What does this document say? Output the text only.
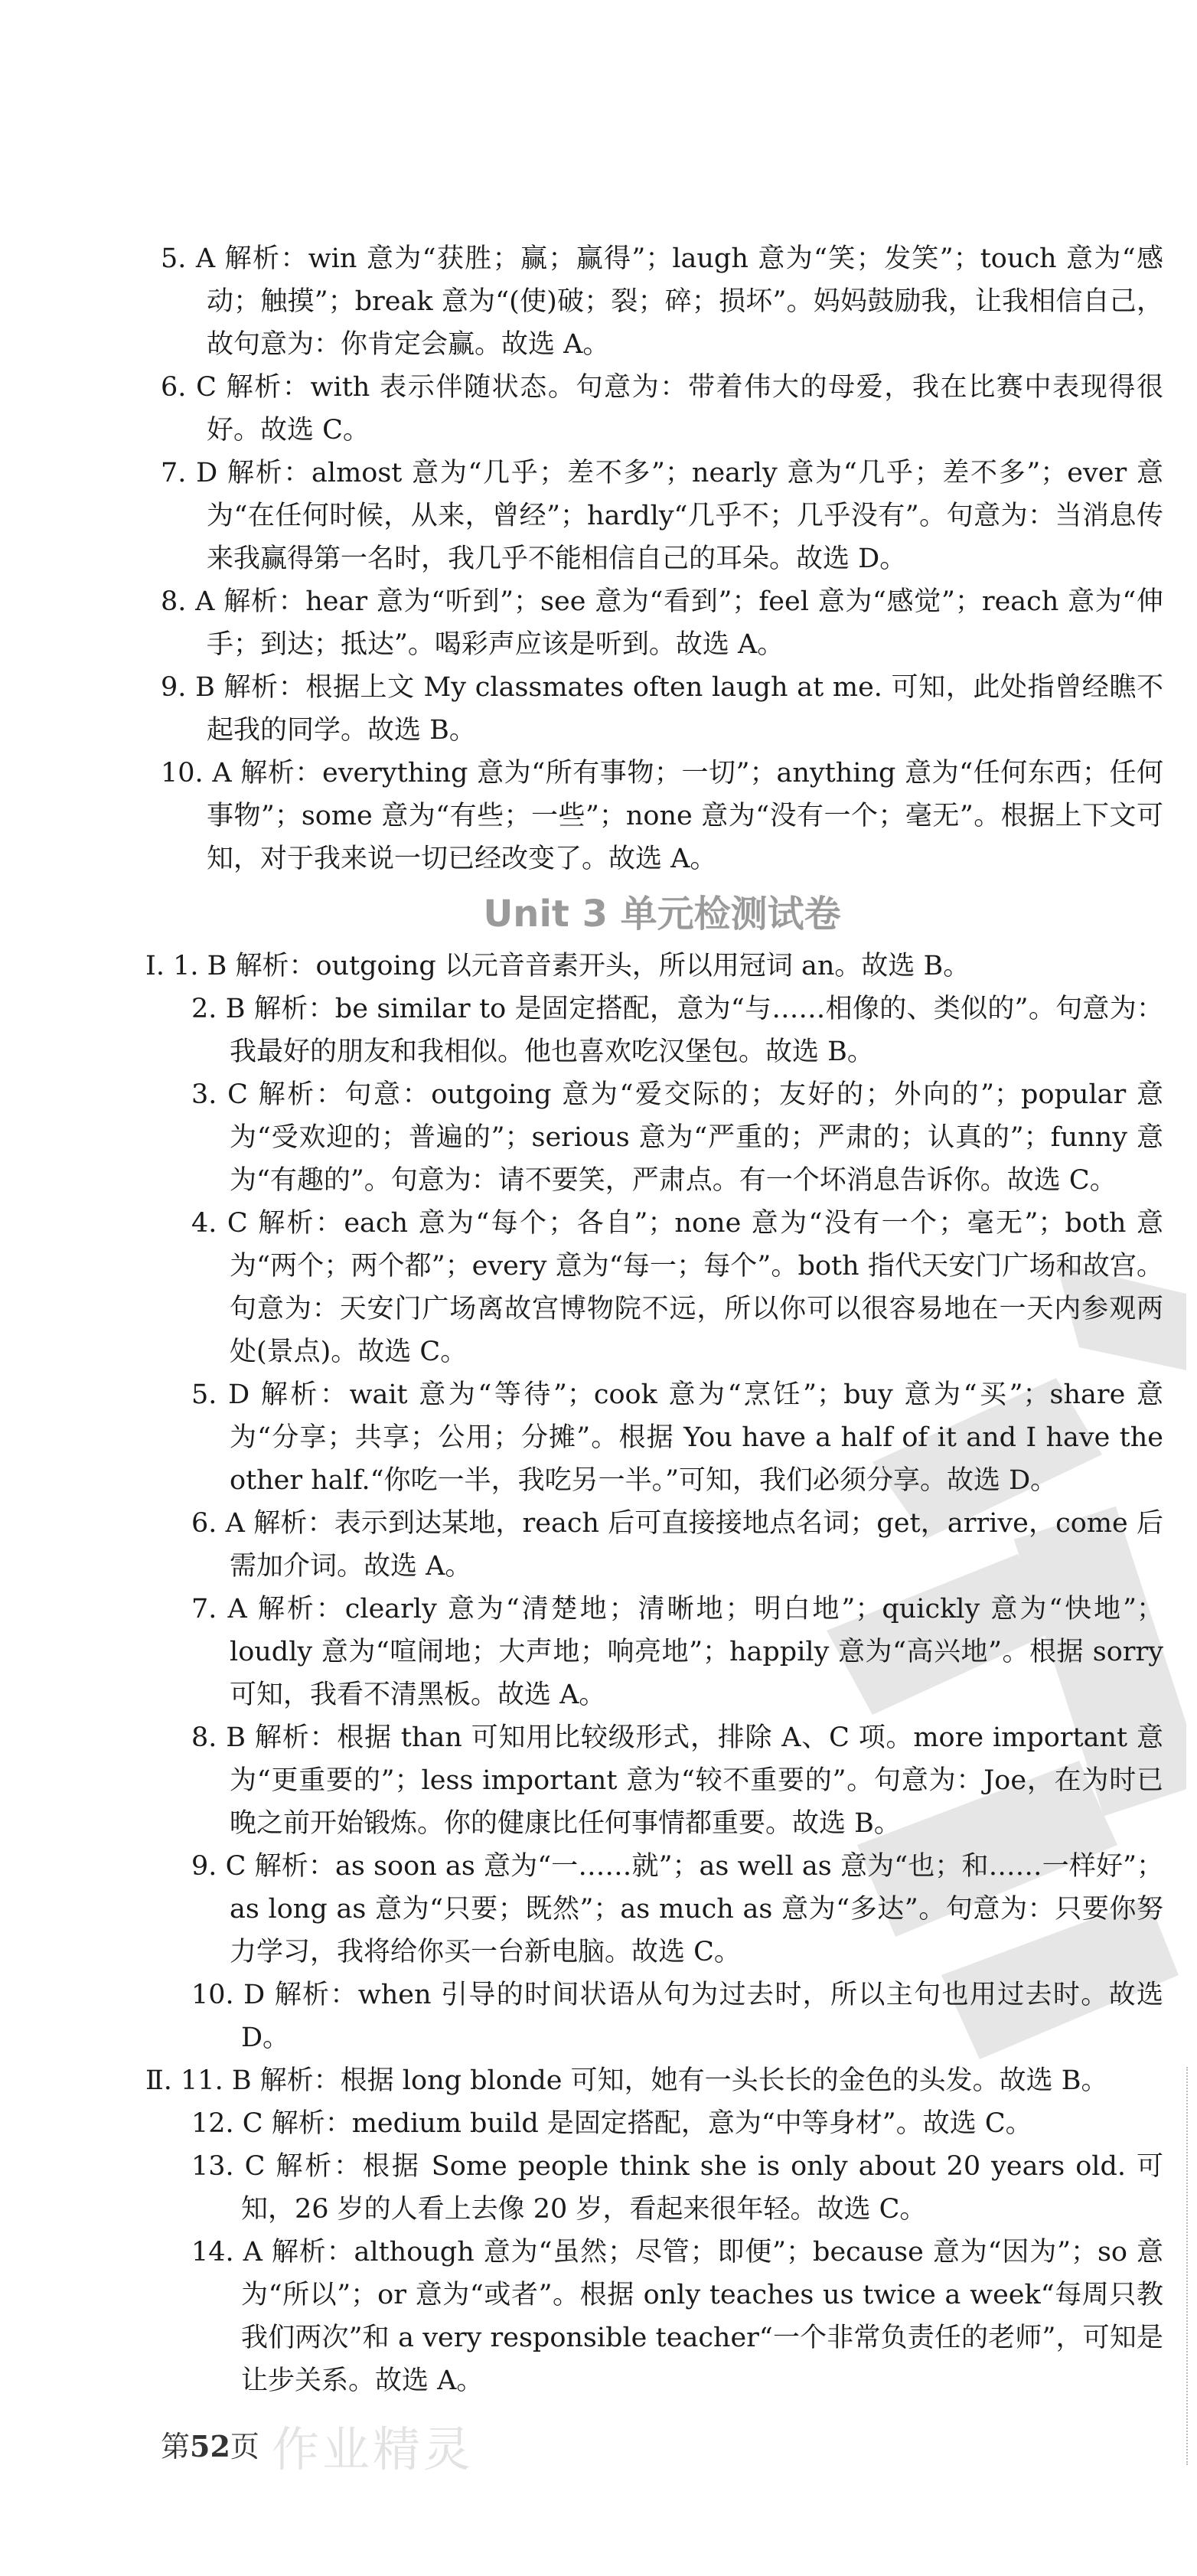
5. A 解析：win 意为“获胜；赢；赢得”；laugh 意为“笑；发笑”；touch 意为“感动；触摸”；break 意为“(使)破；裂；碎；损坏”。妈妈鼓励我，让我相信自己，故句意为：你肯定会赢。故选 A。

6. C 解析：with 表示伴随状态。句意为：带着伟大的母爱，我在比赛中表现得很好。故选 C。

7. D 解析：almost 意为“几乎；差不多”；nearly 意为“几乎；差不多”；ever 意为“在任何时候，从来，曾经”；hardly“几乎不；几乎没有”。句意为：当消息传来我赢得第一名时，我几乎不能相信自己的耳朵。故选 D。

8. A 解析：hear 意为“听到”；see 意为“看到”；feel 意为“感觉”；reach 意为“伸手；到达；抵达”。喝彩声应该是听到。故选 A。

9. B 解析：根据上文 My classmates often laugh at me. 可知，此处指曾经瞧不起我的同学。故选 B。

10. A 解析：everything 意为“所有事物；一切”；anything 意为“任何东西；任何事物”；some 意为“有些；一些”；none 意为“没有一个；毫无”。根据上下文可知，对于我来说一切已经改变了。故选 A。

Unit 3 单元检测试卷

Ⅰ. 1. B 解析：outgoing 以元音音素开头，所以用冠词 an。故选 B。

2. B 解析：be similar to 是固定搭配，意为“与……相像的、类似的”。句意为：我最好的朋友和我相似。他也喜欢吃汉堡包。故选 B。

3. C 解析：句意：outgoing 意为“爱交际的；友好的；外向的”；popular 意为“受欢迎的；普遍的”；serious 意为“严重的；严肃的；认真的”；funny 意为“有趣的”。句意为：请不要笑，严肃点。有一个坏消息告诉你。故选 C。

4. C 解析：each 意为“每个；各自”；none 意为“没有一个；毫无”；both 意为“两个；两个都”；every 意为“每一；每个”。both 指代天安门广场和故宫。句意为：天安门广场离故宫博物院不远，所以你可以很容易地在一天内参观两处(景点)。故选 C。

5. D 解析：wait 意为“等待”；cook 意为“烹饪”；buy 意为“买”；share 意为“分享；共享；公用；分摊”。根据 You have a half of it and I have the other half.“你吃一半，我吃另一半。”可知，我们必须分享。故选 D。

6. A 解析：表示到达某地，reach 后可直接接地点名词；get，arrive，come 后需加介词。故选 A。

7. A 解析：clearly 意为“清楚地；清晰地；明白地”；quickly 意为“快地”；loudly 意为“喧闹地；大声地；响亮地”；happily 意为“高兴地”。根据 sorry 可知，我看不清黑板。故选 A。

8. B 解析：根据 than 可知用比较级形式，排除 A、C 项。more important 意为“更重要的”；less important 意为“较不重要的”。句意为：Joe，在为时已晚之前开始锻炼。你的健康比任何事情都重要。故选 B。

9. C 解析：as soon as 意为“一……就”；as well as 意为“也；和……一样好”；as long as 意为“只要；既然”；as much as 意为“多达”。句意为：只要你努力学习，我将给你买一台新电脑。故选 C。

10. D 解析：when 引导的时间状语从句为过去时，所以主句也用过去时。故选 D。

Ⅱ. 11. B 解析：根据 long blonde 可知，她有一头长长的金色的头发。故选 B。

12. C 解析：medium build 是固定搭配，意为“中等身材”。故选 C。

13. C 解析：根据 Some people think she is only about 20 years old. 可知，26 岁的人看上去像 20 岁，看起来很年轻。故选 C。

14. A 解析：although 意为“虽然；尽管；即便”；because 意为“因为”；so 意为“所以”；or 意为“或者”。根据 only teaches us twice a week“每周只教我们两次”和 a very responsible teacher“一个非常负责任的老师”，可知是让步关系。故选 A。

第52页 作业精灵
